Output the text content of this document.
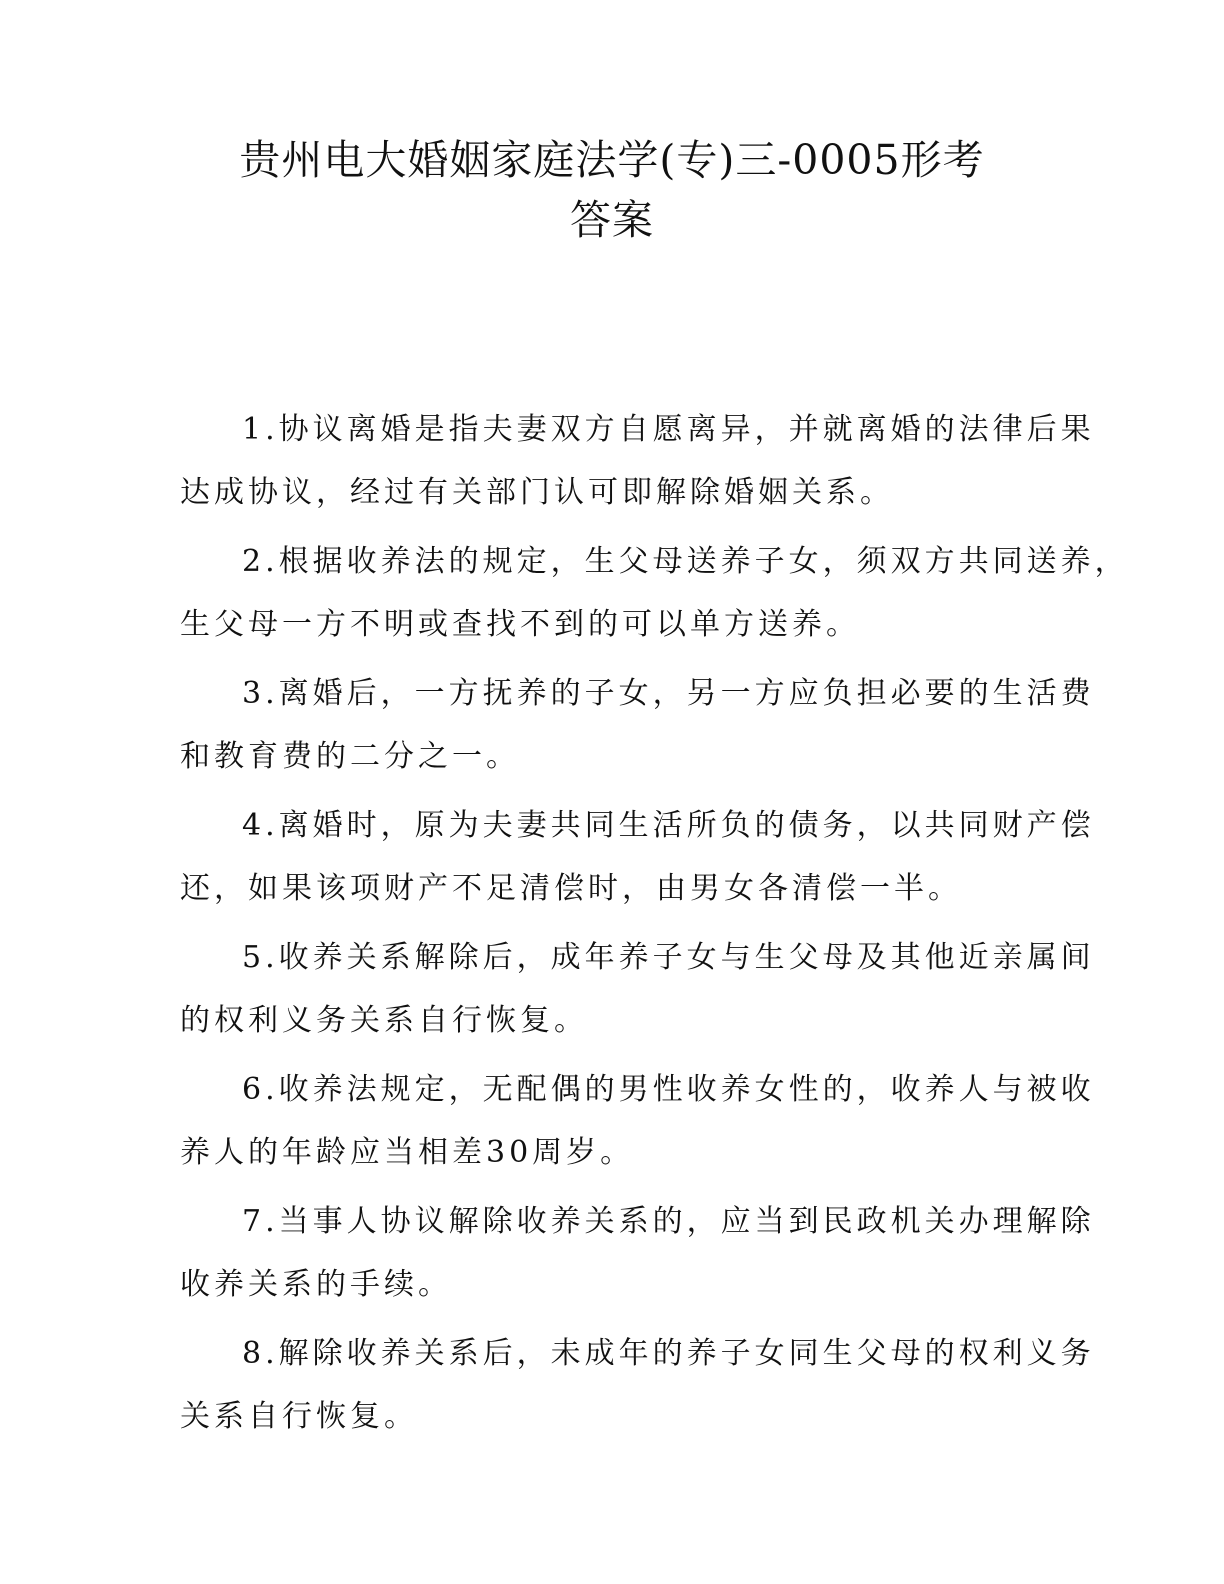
贵州电大婚姻家庭法学(专)三-0005形考
答案

1.协议离婚是指夫妻双方自愿离异，并就离婚的法律后果
达成协议，经过有关部门认可即解除婚姻关系。

2.根据收养法的规定，生父母送养子女，须双方共同送养，
生父母一方不明或查找不到的可以单方送养。

3.离婚后，一方抚养的子女，另一方应负担必要的生活费
和教育费的二分之一。

4.离婚时，原为夫妻共同生活所负的债务，以共同财产偿
还，如果该项财产不足清偿时，由男女各清偿一半。

5.收养关系解除后，成年养子女与生父母及其他近亲属间
的权利义务关系自行恢复。

6.收养法规定，无配偶的男性收养女性的，收养人与被收
养人的年龄应当相差30周岁。

7.当事人协议解除收养关系的，应当到民政机关办理解除
收养关系的手续。

8.解除收养关系后，未成年的养子女同生父母的权利义务
关系自行恢复。
